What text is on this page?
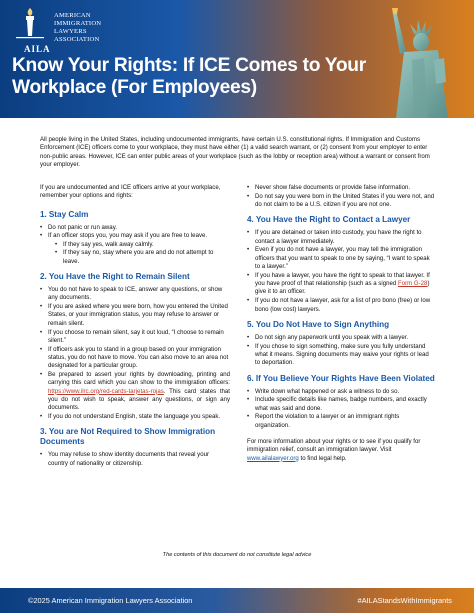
AMERICAN
IMMIGRATION
LAWYERS
ASSOCIATION
AILA
Know Your Rights: If ICE Comes to Your Workplace (For Employees)

All people living in the United States, including undocumented immigrants, have certain U.S. constitutional rights. If Immigration and Customs Enforcement (ICE) officers come to your workplace, they must have either (1) a valid search warrant, or (2) consent from your employer to enter non-public areas. However, ICE can enter public areas of your workplace (such as the lobby or reception area) without a warrant or consent from your employer.

If you are undocumented and ICE officers arrive at your workplace, remember your options and rights:

1. Stay Calm
• Do not panic or run away.
• If an officer stops you, you may ask if you are free to leave.
• If they say yes, walk away calmly.
• If they say no, stay where you are and do not attempt to leave.
2. You Have the Right to Remain Silent
• You do not have to speak to ICE, answer any questions, or show any documents.
• If you are asked where you were born, how you entered the United States, or your immigration status, you may refuse to answer or remain silent.
• If you choose to remain silent, say it out loud, “I choose to remain silent.”
• If officers ask you to stand in a group based on your immigration status, you do not have to move. You can also move to an area not designated for a particular group.
• Be prepared to assert your rights by downloading, printing and carrying this card which you can show to the immigration officers: https://www.ilrc.org/red-cards-tarjetas-rojas. This card states that you do not wish to speak, answer any questions, or sign any documents.
• If you do not understand English, state the language you speak.
3. You are Not Required to Show Immigration Documents
• You may refuse to show identity documents that reveal your country of nationality or citizenship.
• Never show false documents or provide false information.
• Do not say you were born in the United States if you were not, and do not claim to be a U.S. citizen if you are not one.
4. You Have the Right to Contact a Lawyer
• If you are detained or taken into custody, you have the right to contact a lawyer immediately.
• Even if you do not have a lawyer, you may tell the immigration officers that you want to speak to one by saying, “I want to speak to a lawyer.”
• If you have a lawyer, you have the right to speak to that lawyer. If you have proof of that relationship (such as a signed Form G-28) give it to an officer.
• If you do not have a lawyer, ask for a list of pro bono (free) or low bono (low cost) lawyers.
5. You Do Not Have to Sign Anything
• Do not sign any paperwork until you speak with a lawyer.
• If you chose to sign something, make sure you fully understand what it means. Signing documents may waive your rights or lead to deportation.
6. If You Believe Your Rights Have Been Violated
• Write down what happened or ask a witness to do so.
• Include specific details like names, badge numbers, and exactly what was said and done.
• Report the violation to a lawyer or an immigrant rights organization.

For more information about your rights or to see if you qualify for immigration relief, consult an immigration lawyer. Visit www.ailalawyer.org to find legal help.

The contents of this document do not constitute legal advice

©2025 American Immigration Lawyers Association	#AILAStandsWithImmigrants
